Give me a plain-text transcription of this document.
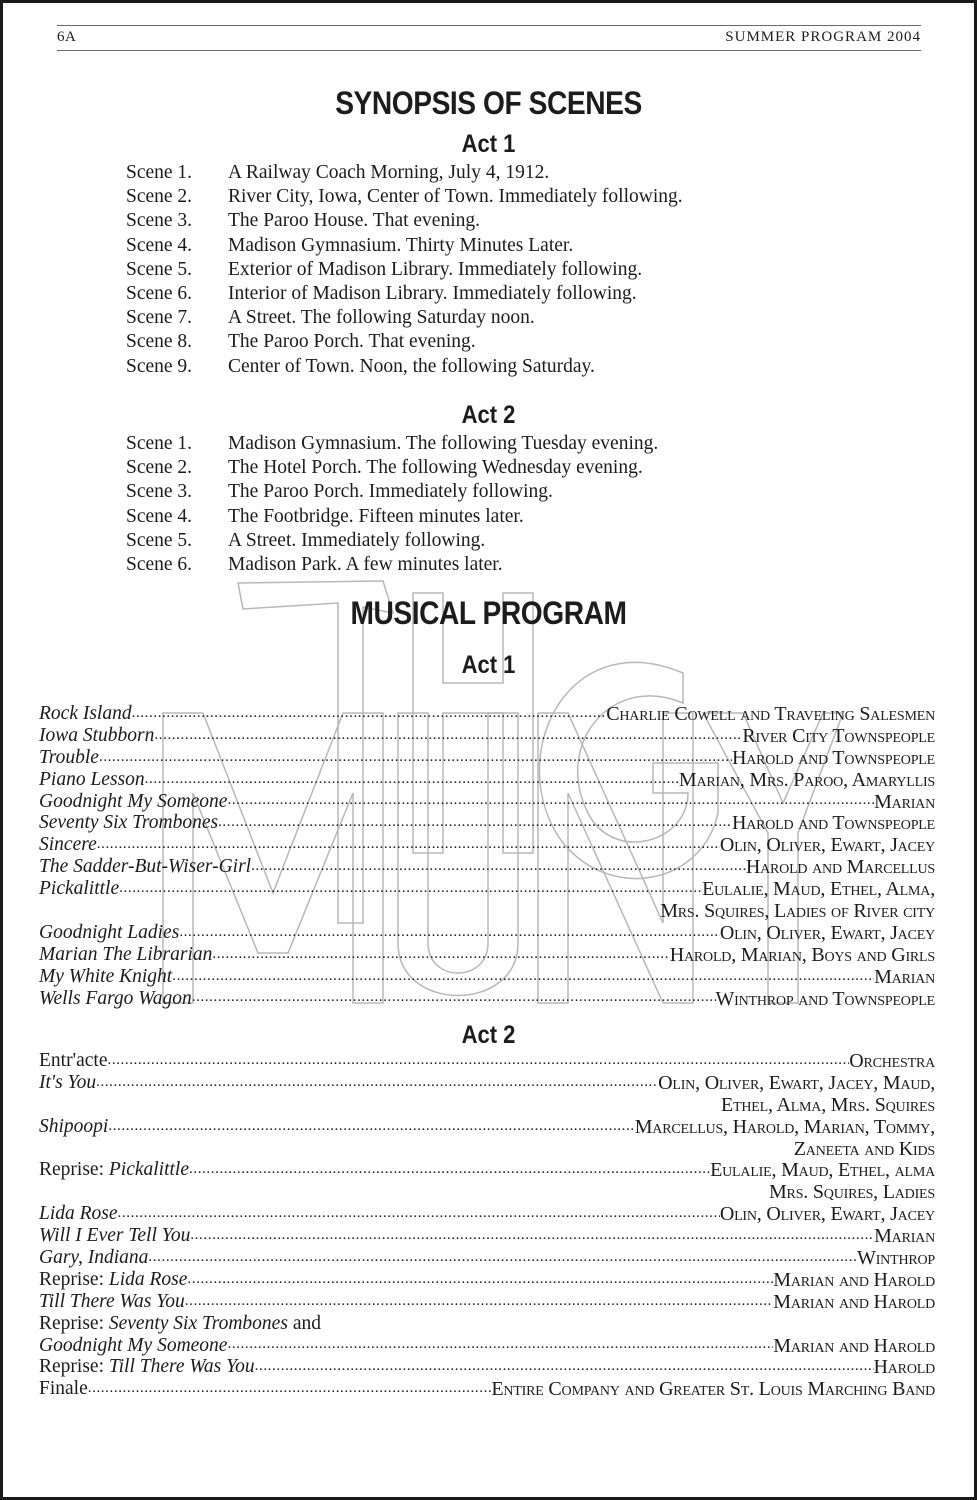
6A	SUMMER PROGRAM 2004
SYNOPSIS OF SCENES
Act 1
Scene 1.	A Railway Coach Morning, July 4, 1912.
Scene 2.	River City, Iowa, Center of Town. Immediately following.
Scene 3.	The Paroo House. That evening.
Scene 4.	Madison Gymnasium. Thirty Minutes Later.
Scene 5.	Exterior of Madison Library. Immediately following.
Scene 6.	Interior of Madison Library. Immediately following.
Scene 7.	A Street. The following Saturday noon.
Scene 8.	The Paroo Porch. That evening.
Scene 9.	Center of Town. Noon, the following Saturday.
Act 2
Scene 1.	Madison Gymnasium. The following Tuesday evening.
Scene 2.	The Hotel Porch. The following Wednesday evening.
Scene 3.	The Paroo Porch. Immediately following.
Scene 4.	The Footbridge. Fifteen minutes later.
Scene 5.	A Street. Immediately following.
Scene 6.	Madison Park. A few minutes later.
MUSICAL PROGRAM
Act 1
Rock Island .....	Charlie Cowell and Traveling Salesmen
Iowa Stubborn .....	River City Townspeople
Trouble .....	Harold and Townspeople
Piano Lesson .....	Marian, Mrs. Paroo, Amaryllis
Goodnight My Someone .....	Marian
Seventy Six Trombones .....	Harold and Townspeople
Sincere .....	Olin, Oliver, Ewart, Jacey
The Sadder-But-Wiser-Girl .....	Harold and Marcellus
Pickalittle .....	Eulalie, Maud, Ethel, Alma,
Mrs. Squires, Ladies of River city
Goodnight Ladies .....	Olin, Oliver, Ewart, Jacey
Marian The Librarian .....	Harold, Marian, Boys and Girls
My White Knight .....	Marian
Wells Fargo Wagon .....	Winthrop and Townspeople
Act 2
Entr'acte .....	Orchestra
It's You .....	Olin, Oliver, Ewart, Jacey, Maud,
Ethel, Alma, Mrs. Squires
Shipoopi .....	Marcellus, Harold, Marian, Tommy,
Zaneeta and Kids
Reprise: Pickalittle .....	Eulalie, Maud, Ethel, alma
Mrs. Squires, Ladies
Lida Rose .....	Olin, Oliver, Ewart, Jacey
Will I Ever Tell You .....	Marian
Gary, Indiana .....	Winthrop
Reprise: Lida Rose .....	Marian and Harold
Till There Was You .....	Marian and Harold
Reprise: Seventy Six Trombones and
Goodnight My Someone .....	Marian and Harold
Reprise: Till There Was You .....	Harold
Finale .....	Entire Company and Greater St. Louis Marching Band
